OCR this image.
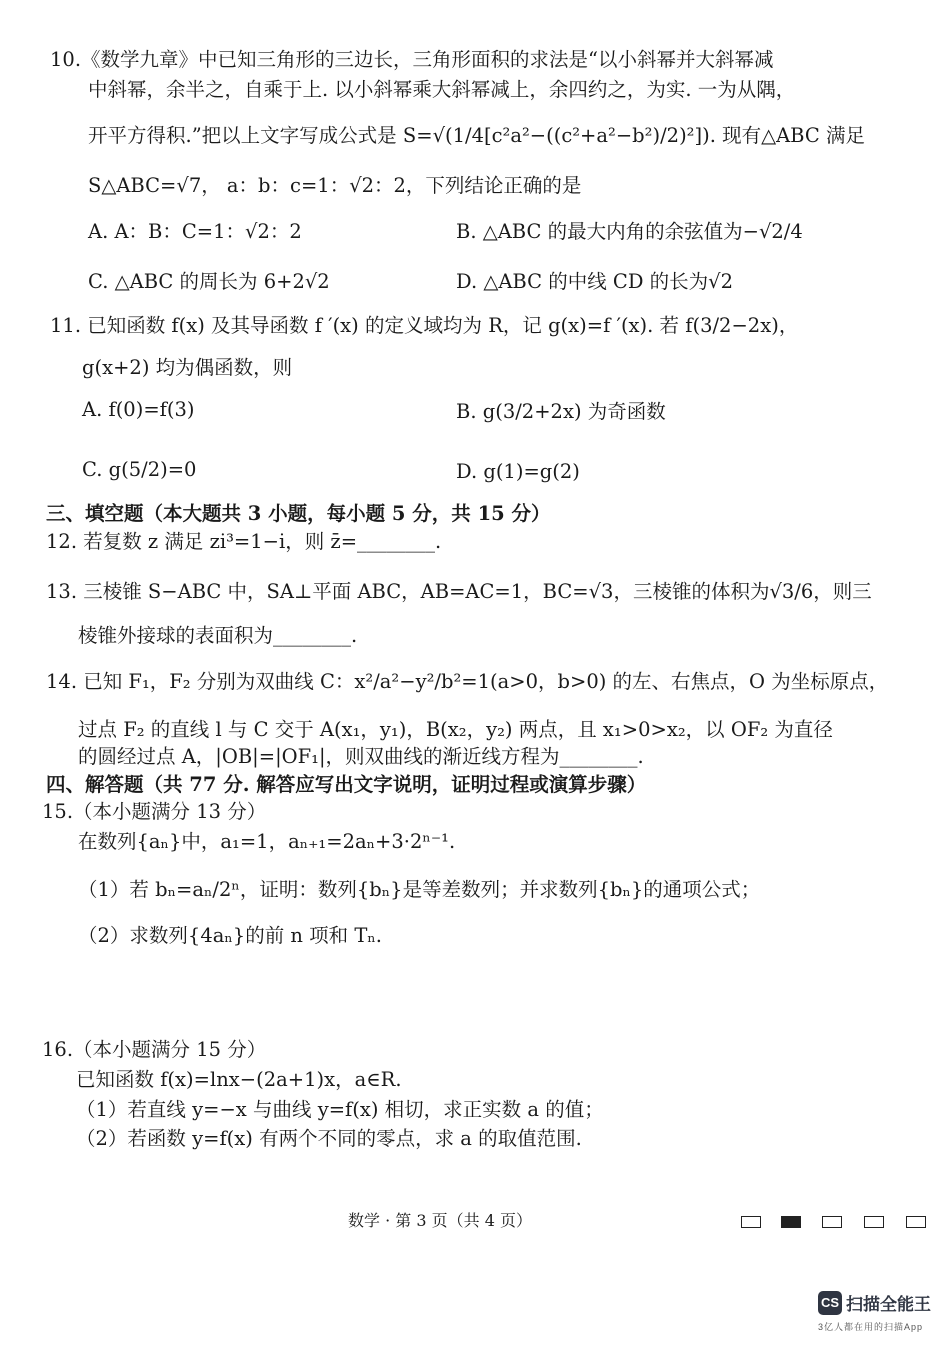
10.《数学九章》中已知三角形的三边长，三角形面积的求法是“以小斜幂并大斜幂减
中斜幂，余半之，自乘于上. 以小斜幂乘大斜幂减上，余四约之，为实. 一为从隅，
开平方得积.”把以上文字写成公式是 S=√(1/4[c²a²−((c²+a²−b²)/2)²]). 现有△ABC 满足
S△ABC=√7， a：b：c=1：√2：2，下列结论正确的是
A. A：B：C=1：√2：2	B. △ABC 的最大内角的余弦值为−√2/4
C. △ABC 的周长为 6+2√2	D. △ABC 的中线 CD 的长为√2
11. 已知函数 f(x) 及其导函数 f ′(x) 的定义域均为 R，记 g(x)=f ′(x). 若 f(3/2−2x)，
g(x+2) 均为偶函数，则
A. f(0)=f(3)	B. g(3/2+2x) 为奇函数
C. g(5/2)=0	D. g(1)=g(2)
三、填空题（本大题共 3 小题，每小题 5 分，共 15 分）
12. 若复数 z 满足 zi³=1−i，则 z̄=________.
13. 三棱锥 S−ABC 中，SA⊥平面 ABC，AB=AC=1，BC=√3，三棱锥的体积为√3/6，则三
棱锥外接球的表面积为________.
14. 已知 F₁，F₂ 分别为双曲线 C：x²/a²−y²/b²=1(a>0，b>0) 的左、右焦点，O 为坐标原点，
过点 F₂ 的直线 l 与 C 交于 A(x₁，y₁)，B(x₂，y₂) 两点，且 x₁>0>x₂，以 OF₂ 为直径
的圆经过点 A，|OB|=|OF₁|，则双曲线的渐近线方程为________.
四、解答题（共 77 分. 解答应写出文字说明，证明过程或演算步骤）
15.（本小题满分 13 分）
在数列{aₙ}中，a₁=1，aₙ₊₁=2aₙ+3·2ⁿ⁻¹.
（1）若 bₙ=aₙ/2ⁿ，证明：数列{bₙ}是等差数列；并求数列{bₙ}的通项公式；
（2）求数列{4aₙ}的前 n 项和 Tₙ.
16.（本小题满分 15 分）
已知函数 f(x)=lnx−(2a+1)x，a∈R.
（1）若直线 y=−x 与曲线 y=f(x) 相切，求正实数 a 的值；
（2）若函数 y=f(x) 有两个不同的零点，求 a 的取值范围.
数学 · 第 3 页（共 4 页）
CS 扫描全能王
3亿人都在用的扫描App
